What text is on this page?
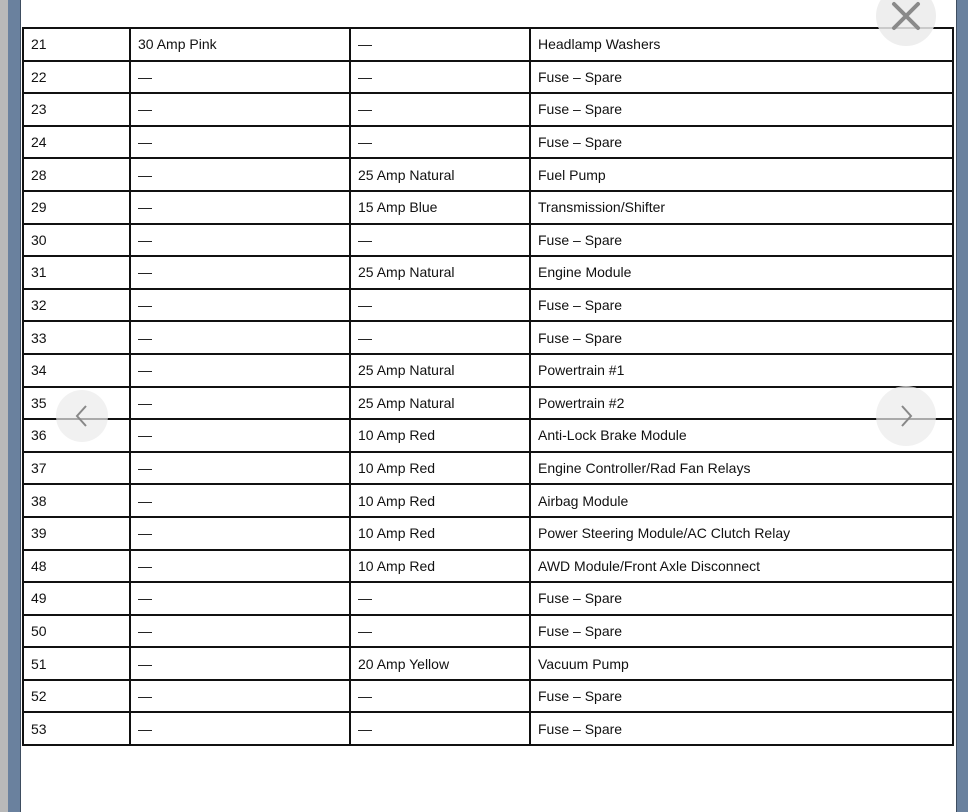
21	30 Amp Pink	—	Headlamp Washers
22	—	—	Fuse – Spare
23	—	—	Fuse – Spare
24	—	—	Fuse – Spare
28	—	25 Amp Natural	Fuel Pump
29	—	15 Amp Blue	Transmission/Shifter
30	—	—	Fuse – Spare
31	—	25 Amp Natural	Engine Module
32	—	—	Fuse – Spare
33	—	—	Fuse – Spare
34	—	25 Amp Natural	Powertrain #1
35	—	25 Amp Natural	Powertrain #2
36	—	10 Amp Red	Anti-Lock Brake Module
37	—	10 Amp Red	Engine Controller/Rad Fan Relays
38	—	10 Amp Red	Airbag Module
39	—	10 Amp Red	Power Steering Module/AC Clutch Relay
48	—	10 Amp Red	AWD Module/Front Axle Disconnect
49	—	—	Fuse – Spare
50	—	—	Fuse – Spare
51	—	20 Amp Yellow	Vacuum Pump
52	—	—	Fuse – Spare
53	—	—	Fuse – Spare
